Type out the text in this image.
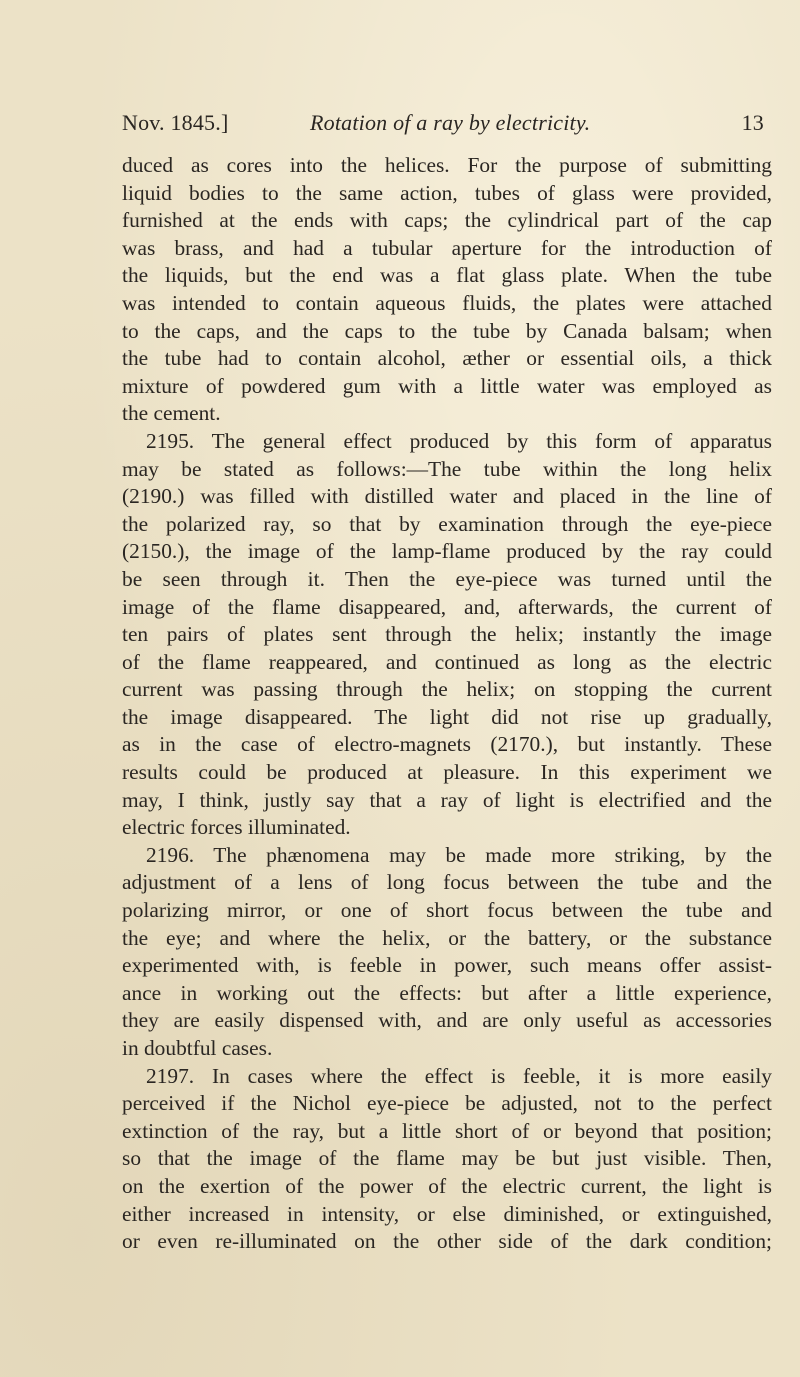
Nov. 1845.]	Rotation of a ray by electricity.	13
duced as cores into the helices. For the purpose of submitting
liquid bodies to the same action, tubes of glass were provided,
furnished at the ends with caps; the cylindrical part of the cap
was brass, and had a tubular aperture for the introduction of
the liquids, but the end was a flat glass plate. When the tube
was intended to contain aqueous fluids, the plates were attached
to the caps, and the caps to the tube by Canada balsam; when
the tube had to contain alcohol, æther or essential oils, a thick
mixture of powdered gum with a little water was employed as
the cement.
2195. The general effect produced by this form of apparatus
may be stated as follows:—The tube within the long helix
(2190.) was filled with distilled water and placed in the line of
the polarized ray, so that by examination through the eye-piece
(2150.), the image of the lamp-flame produced by the ray could
be seen through it. Then the eye-piece was turned until the
image of the flame disappeared, and, afterwards, the current of
ten pairs of plates sent through the helix; instantly the image
of the flame reappeared, and continued as long as the electric
current was passing through the helix; on stopping the current
the image disappeared. The light did not rise up gradually,
as in the case of electro-magnets (2170.), but instantly. These
results could be produced at pleasure. In this experiment we
may, I think, justly say that a ray of light is electrified and the
electric forces illuminated.
2196. The phænomena may be made more striking, by the
adjustment of a lens of long focus between the tube and the
polarizing mirror, or one of short focus between the tube and
the eye; and where the helix, or the battery, or the substance
experimented with, is feeble in power, such means offer assist-
ance in working out the effects: but after a little experience,
they are easily dispensed with, and are only useful as accessories
in doubtful cases.
2197. In cases where the effect is feeble, it is more easily
perceived if the Nichol eye-piece be adjusted, not to the perfect
extinction of the ray, but a little short of or beyond that position;
so that the image of the flame may be but just visible. Then,
on the exertion of the power of the electric current, the light is
either increased in intensity, or else diminished, or extinguished,
or even re-illuminated on the other side of the dark condition;
